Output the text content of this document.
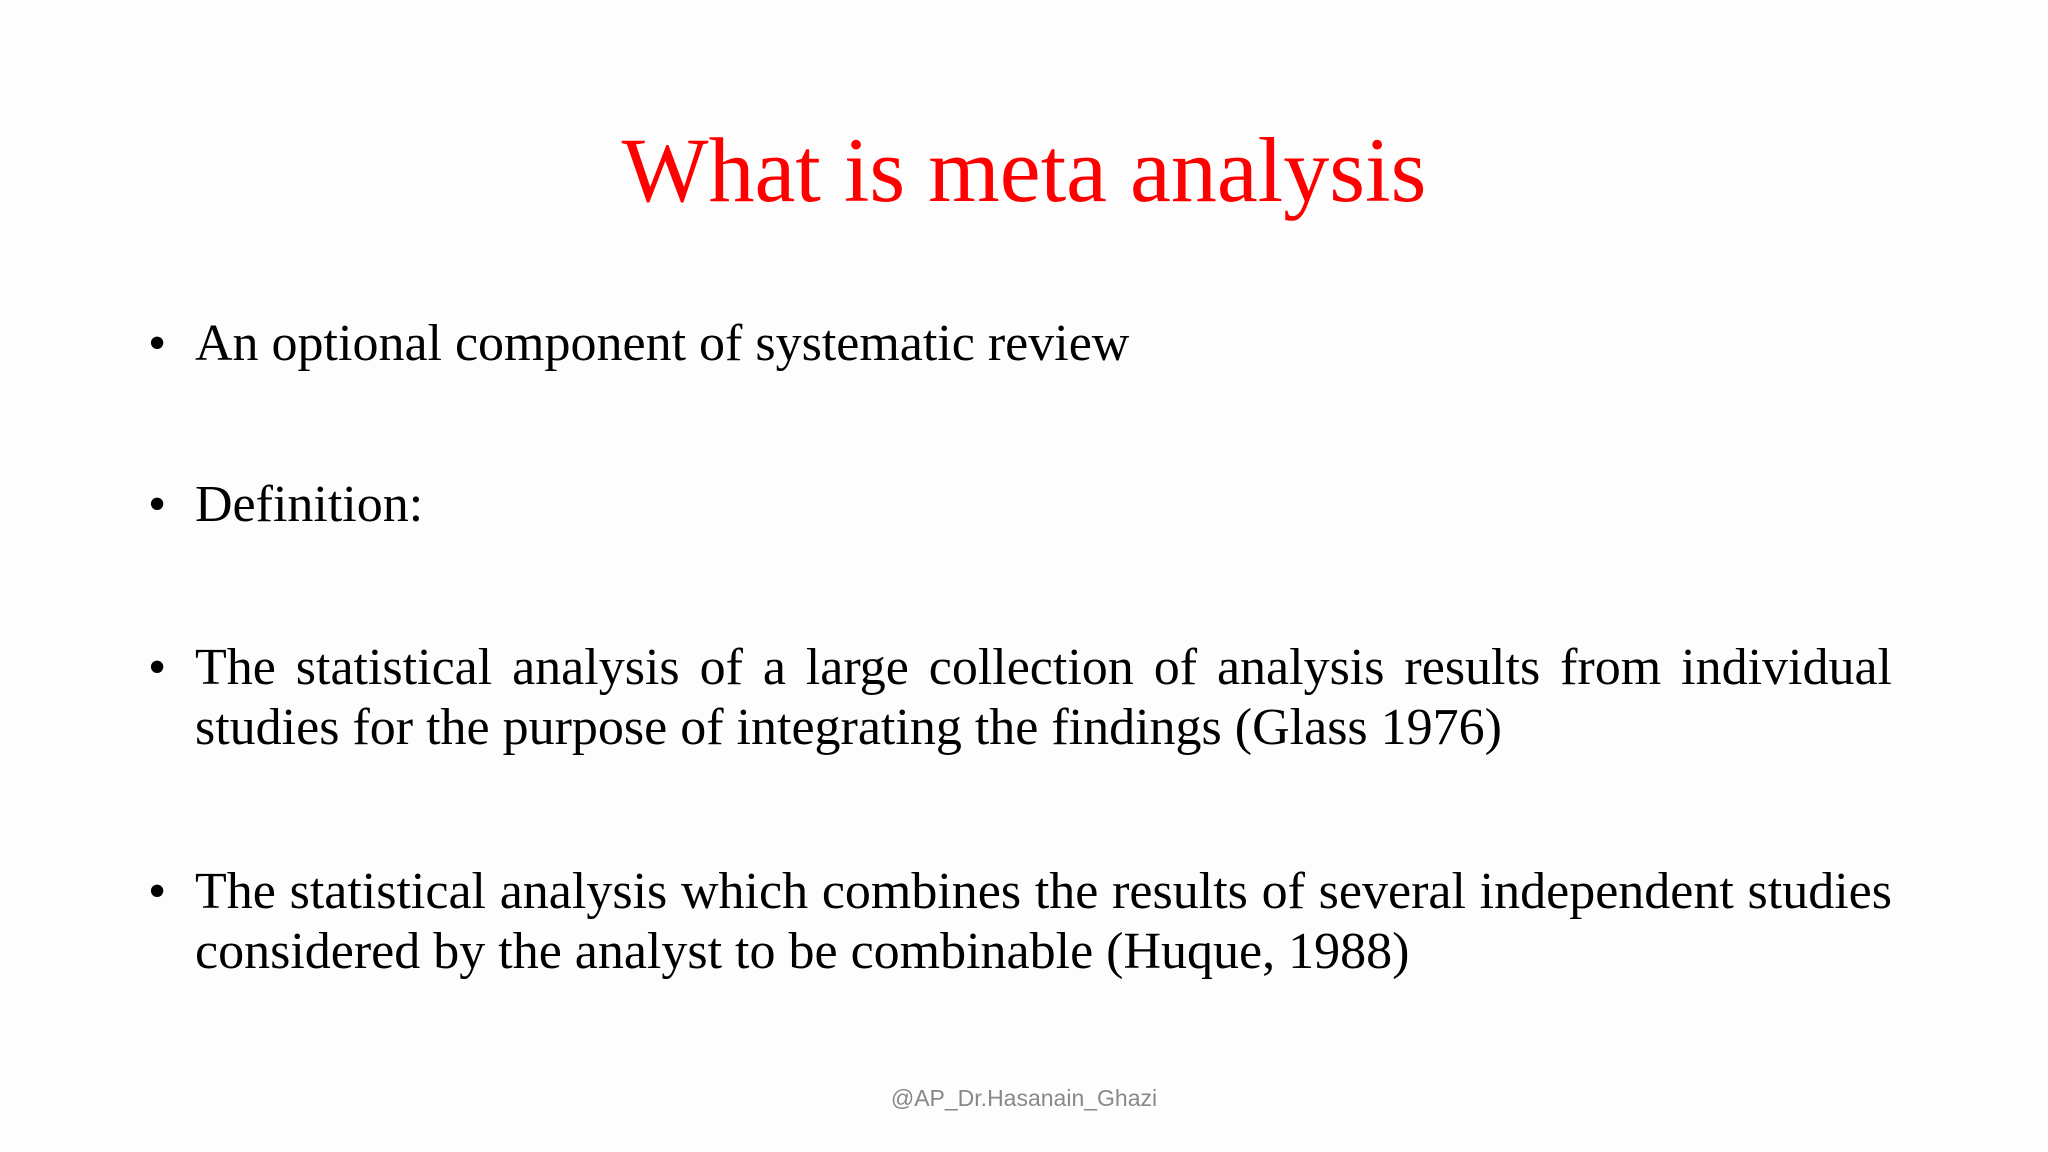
What is meta analysis
• An optional component of systematic review
• Definition:
• The statistical analysis of a large collection of analysis results from individual studies for the purpose of integrating the findings (Glass 1976)
• The statistical analysis which combines the results of several independent studies considered by the analyst to be combinable (Huque, 1988)
@AP_Dr.Hasanain_Ghazi
